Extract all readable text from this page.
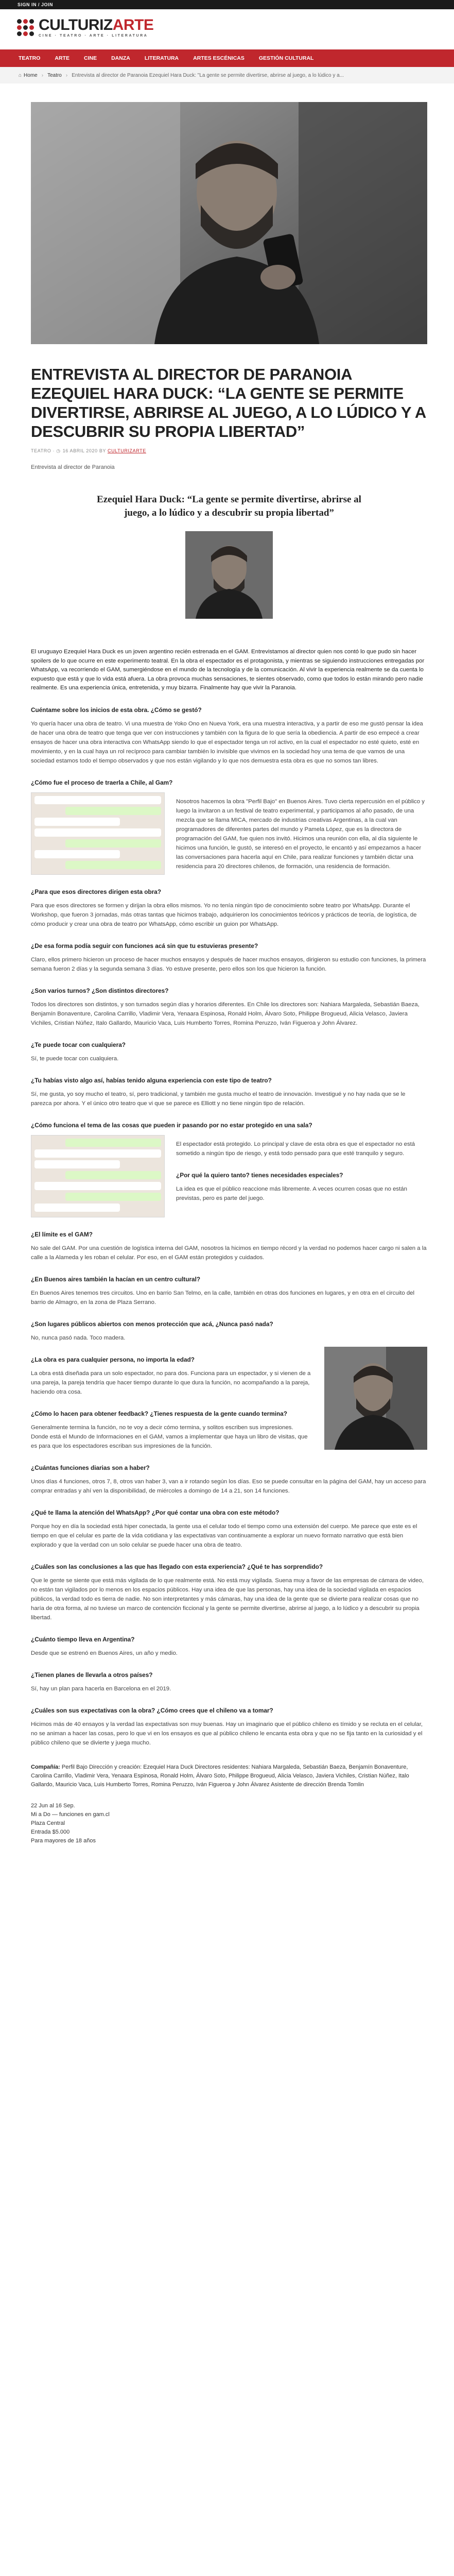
SIGN IN / JOIN
CULTURIZARTE
CINE · TEATRO · ARTE · LITERATURA
TEATRO	ARTE	CINE	DANZA	LITERATURA	ARTES ESCÉNICAS	GESTIÓN CULTURAL
⌂ Home › Teatro › Entrevista al director de Paranoia Ezequiel Hara Duck: "La gente se permite divertirse, abrirse al juego, a lo lúdico y a...
ENTREVISTA AL DIRECTOR DE PARANOIA EZEQUIEL HARA DUCK: “LA GENTE SE PERMITE DIVERTIRSE, ABRIRSE AL JUEGO, A LO LÚDICO Y A DESCUBRIR SU PROPIA LIBERTAD”
TEATRO · ◷ 16 ABRIL 2020 BY CULTURIZARTE
Entrevista al director de Paranoia
Ezequiel Hara Duck: “La gente se permite divertirse, abrirse al juego, a lo lúdico y a descubrir su propia libertad”

El uruguayo Ezequiel Hara Duck es un joven argentino recién estrenada en el GAM. Entrevistamos al director quien nos contó lo que pudo sin hacer spoilers de lo que ocurre en este experimento teatral. En la obra el espectador es el protagonista, y mientras se siguiendo instrucciones entregadas por WhatsApp, va recorriendo el GAM, sumergiéndose en el mundo de la tecnología y de la comunicación. Al vivir la experiencia realmente se da cuenta lo expuesto que está y que lo vida está afuera. La obra provoca muchas sensaciones, te sientes observado, como que todos lo están mirando pero nadie realmente. Es una experiencia única, entretenida, y muy bizarra. Finalmente hay que vivir la Paranoia.

Cuéntame sobre los inicios de esta obra. ¿Cómo se gestó?

Yo quería hacer una obra de teatro. Vi una muestra de Yoko Ono en Nueva York, era una muestra interactiva, y a partir de eso me gustó pensar la idea de hacer una obra de teatro que tenga que ver con instrucciones y también con la figura de lo que sería la obediencia. A partir de eso empecé a crear ensayos de hacer una obra interactiva con WhatsApp siendo lo que el espectador tenga un rol activo, en la cual el espectador no esté quieto, esté en movimiento, y en la cual haya un rol recíproco para cambiar también lo invisible que vivimos en la sociedad hoy una tema de que vamos de una sociedad estamos todo el tiempo observados y que nos están vigilando y lo que nos demuestra esta obra es que no somos tan libres.

¿Cómo fue el proceso de traerla a Chile, al Gam?

Nosotros hacemos la obra "Perfil Bajo" en Buenos Aires. Tuvo cierta repercusión en el público y luego la invitaron a un festival de teatro experimental, y participamos al año pasado, de una mezcla que se llama MICA, mercado de industrias creativas Argentinas, a la cual van programadores de diferentes partes del mundo y Pamela López, que es la directora de programación del GAM, fue quien nos invitó. Hicimos una reunión con ella, al día siguiente le hicimos una función, le gustó, se interesó en el proyecto, le encantó y así empezamos a hacer las conversaciones para hacerla aquí en Chile, para realizar funciones y también dictar una residencia para 20 directores chilenos, de formación, una residencia de formación.

¿Para que esos directores dirigen esta obra?

Para que esos directores se formen y dirijan la obra ellos mismos. Yo no tenía ningún tipo de conocimiento sobre teatro por WhatsApp. Durante el Workshop, que fueron 3 jornadas, más otras tantas que hicimos trabajo, adquirieron los conocimientos teóricos y prácticos de teoría, de logística, de cómo producir y crear una obra de teatro por WhatsApp, cómo escribir un guion por WhatsApp.

¿De esa forma podía seguir con funciones acá sin que tu estuvieras presente?

Claro, ellos primero hicieron un proceso de hacer muchos ensayos y después de hacer muchos ensayos, dirigieron su estudio con funciones, la primera semana fueron 2 días y la segunda semana 3 días. Yo estuve presente, pero ellos son los que hicieron la función.

¿Son varios turnos? ¿Son distintos directores?

Todos los directores son distintos, y son turnados según días y horarios diferentes. En Chile los directores son: Nahiara Margaleda, Sebastián Baeza, Benjamín Bonaventure, Carolina Carrillo, Vladimir Vera, Yenaara Espinosa, Ronald Holm, Álvaro Soto, Philippe Brogueud, Alicia Velasco, Javiera Vichiles, Cristian Núñez, Italo Gallardo, Mauricio Vaca, Luis Humberto Torres, Romina Peruzzo, Iván Figueroa y John Álvarez.

¿Te puede tocar con cualquiera?

Sí, te puede tocar con cualquiera.

¿Tu habías visto algo así, habías tenido alguna experiencia con este tipo de teatro?

Sí, me gusta, yo soy mucho el teatro, sí, pero tradicional, y también me gusta mucho el teatro de innovación. Investigué y no hay nada que se le parezca por ahora. Y el único otro teatro que vi que se parece es Elliott y no tiene ningún tipo de relación.

¿Cómo funciona el tema de las cosas que pueden ir pasando por no estar protegido en una sala?

El espectador está protegido. Lo principal y clave de esta obra es que el espectador no está sometido a ningún tipo de riesgo, y está todo pensado para que esté tranquilo y seguro.

¿Por qué la quiero tanto? tienes necesidades especiales?

La idea es que el público reaccione más libremente. A veces ocurren cosas que no están previstas, pero es parte del juego.

¿El límite es el GAM?

No sale del GAM. Por una cuestión de logística interna del GAM, nosotros la hicimos en tiempo récord y la verdad no podemos hacer cargo ni salen a la calle a la Alameda y les roban el celular. Por eso, en el GAM están protegidos y cuidados.

¿En Buenos aires también la hacían en un centro cultural?

En Buenos Aires tenemos tres circuitos. Uno en barrio San Telmo, en la calle, también en otras dos funciones en lugares, y en otra en el circuito del barrio de Almagro, en la zona de Plaza Serrano.

¿Son lugares públicos abiertos con menos protección que acá, ¿Nunca pasó nada?

No, nunca pasó nada. Toco madera.

¿La obra es para cualquier persona, no importa la edad?

La obra está diseñada para un solo espectador, no para dos. Funciona para un espectador, y si vienen de a una pareja, la pareja tendría que hacer tiempo durante lo que dura la función, no acompañando a la pareja, haciendo otra cosa.

¿Cómo lo hacen para obtener feedback? ¿Tienes respuesta de la gente cuando termina?

Generalmente termina la función, no te voy a decir cómo termina, y solitos escriben sus impresiones. Donde está el Mundo de Informaciones en el GAM, vamos a implementar que haya un libro de visitas, que es para que los espectadores escriban sus impresiones de la función.

¿Cuántas funciones diarias son a haber?

Unos días 4 funciones, otros 7, 8, otros van haber 3, van a ir rotando según los días. Eso se puede consultar en la página del GAM, hay un acceso para comprar entradas y ahí ven la disponibilidad, de miércoles a domingo de 14 a 21, son 14 funciones.

¿Qué te llama la atención del WhatsApp? ¿Por qué contar una obra con este método?

Porque hoy en día la sociedad está hiper conectada, la gente usa el celular todo el tiempo como una extensión del cuerpo. Me parece que este es el tiempo en que el celular es parte de la vida cotidiana y las expectativas van continuamente a explorar un nuevo formato narrativo que está bien explorado y que la verdad con un solo celular se puede hacer una obra de teatro.

¿Cuáles son las conclusiones a las que has llegado con esta experiencia? ¿Qué te has sorprendido?

Que le gente se siente que está más vigilada de lo que realmente está. No está muy vigilada. Suena muy a favor de las empresas de cámara de video, no están tan vigilados por lo menos en los espacios públicos. Hay una idea de que las personas, hay una idea de la sociedad vigilada en espacios públicos, la verdad todo es tierra de nadie. No son interpretantes y más cámaras, hay una idea de la gente que se divierte para realizar cosas que no haría de otra forma, al no tuviese un marco de contención ficcional y la gente se permite divertirse, abrirse al juego, a lo lúdico y a descubrir su propia libertad.

¿Cuánto tiempo lleva en Argentina?

Desde que se estrenó en Buenos Aires, un año y medio.

¿Tienen planes de llevarla a otros países?

Sí, hay un plan para hacerla en Barcelona en el 2019.

¿Cuáles son sus expectativas con la obra? ¿Cómo crees que el chileno va a tomar?

Hicimos más de 40 ensayos y la verdad las expectativas son muy buenas. Hay un imaginario que el público chileno es tímido y se recluta en el celular, no se animan a hacer las cosas, pero lo que vi en los ensayos es que al público chileno le encanta esta obra y que no se fija tanto en la curiosidad y el público chileno que se divierte y juega mucho.

Compañía: Perfil Bajo Dirección y creación: Ezequiel Hara Duck Directores residentes: Nahiara Margaleda, Sebastián Baeza, Benjamín Bonaventure, Carolina Carrillo, Vladimir Vera, Yenaara Espinosa, Ronald Holm, Álvaro Soto, Philippe Brogueud, Alicia Velasco, Javiera Vichiles, Cristian Núñez, Italo Gallardo, Mauricio Vaca, Luis Humberto Torres, Romina Peruzzo, Iván Figueroa y John Álvarez Asistente de dirección Brenda Tomlin

22 Jun al 16 Sep.
Mi a Do — funciones en gam.cl
Plaza Central
Entrada $5.000
Para mayores de 18 años
